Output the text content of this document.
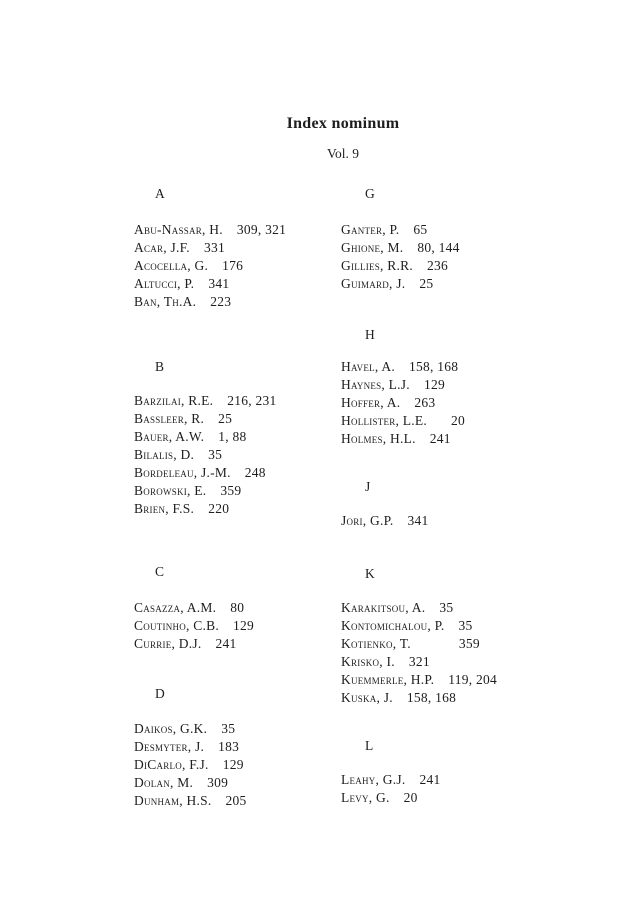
Index nominum
Vol. 9
A
Abu-Nassar, H. 309, 321
Acar, J.F. 331
Acocella, G. 176
Altucci, P. 341
Ban, Th.A. 223
B
Barzilai, R.E. 216, 231
Bassleer, R. 25
Bauer, A.W. 1, 88
Bilalis, D. 35
Bordeleau, J.-M. 248
Borowski, E. 359
Brien, F.S. 220
C
Casazza, A.M. 80
Coutinho, C.B. 129
Currie, D.J. 241
D
Daikos, G.K. 35
Desmyter, J. 183
DiCarlo, F.J. 129
Dolan, M. 309
Dunham, H.S. 205
G
Ganter, P. 65
Ghione, M. 80, 144
Gillies, R.R. 236
Guimard, J. 25
H
Havel, A. 158, 168
Haynes, L.J. 129
Hoffer, A. 263
Hollister, L.E. 20
Holmes, H.L. 241
J
Jori, G.P. 341
K
Karakitsou, A. 35
Kontomichalou, P. 35
Kotienko, T.	359
Krisko, I. 321
Kuemmerle, H.P. 119, 204
Kuska, J. 158, 168
L
Leahy, G.J. 241
Levy, G. 20
